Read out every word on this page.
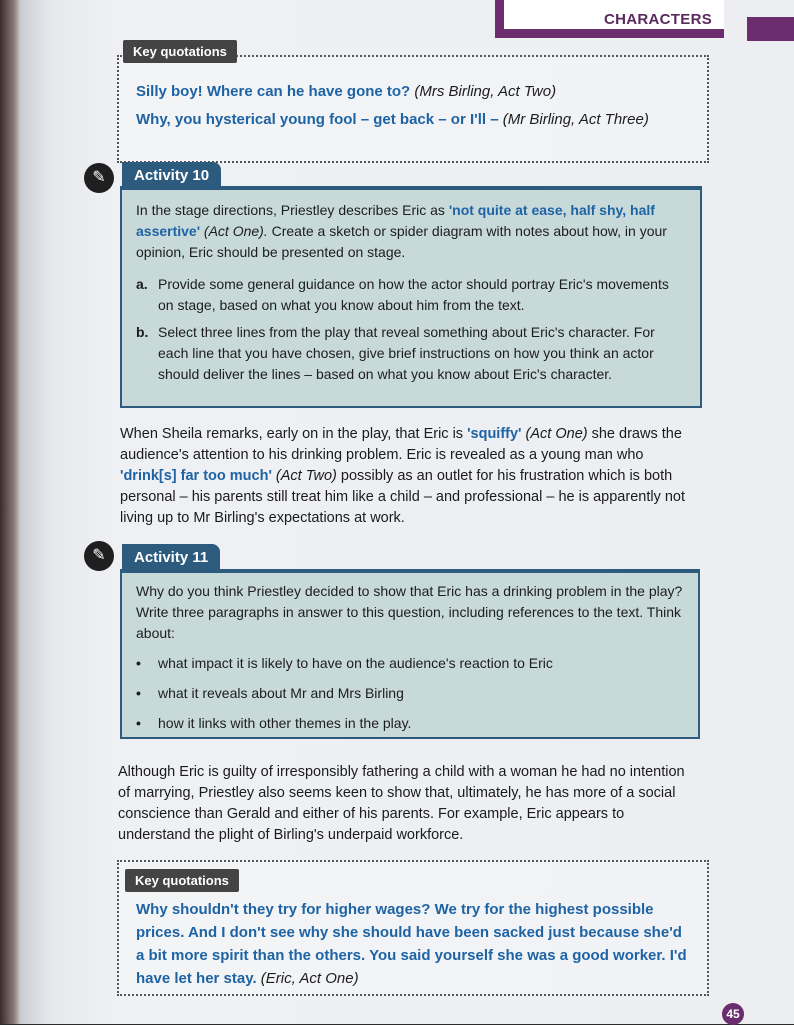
CHARACTERS
Key quotations
Silly boy! Where can he have gone to? (Mrs Birling, Act Two)
Why, you hysterical young fool – get back – or I'll – (Mr Birling, Act Three)
✎	Activity 10
In the stage directions, Priestley describes Eric as 'not quite at ease, half shy, half assertive' (Act One). Create a sketch or spider diagram with notes about how, in your opinion, Eric should be presented on stage.
a. Provide some general guidance on how the actor should portray Eric's movements on stage, based on what you know about him from the text.
b. Select three lines from the play that reveal something about Eric's character. For each line that you have chosen, give brief instructions on how you think an actor should deliver the lines – based on what you know about Eric's character.
When Sheila remarks, early on in the play, that Eric is 'squiffy' (Act One) she draws the audience's attention to his drinking problem. Eric is revealed as a young man who 'drink[s] far too much' (Act Two) possibly as an outlet for his frustration which is both personal – his parents still treat him like a child – and professional – he is apparently not living up to Mr Birling's expectations at work.
✎	Activity 11
Why do you think Priestley decided to show that Eric has a drinking problem in the play? Write three paragraphs in answer to this question, including references to the text. Think about:
• what impact it is likely to have on the audience's reaction to Eric
• what it reveals about Mr and Mrs Birling
• how it links with other themes in the play.
Although Eric is guilty of irresponsibly fathering a child with a woman he had no intention of marrying, Priestley also seems keen to show that, ultimately, he has more of a social conscience than Gerald and either of his parents. For example, Eric appears to understand the plight of Birling's underpaid workforce.
Key quotations
Why shouldn't they try for higher wages? We try for the highest possible prices. And I don't see why she should have been sacked just because she'd a bit more spirit than the others. You said yourself she was a good worker. I'd have let her stay. (Eric, Act One)
45
